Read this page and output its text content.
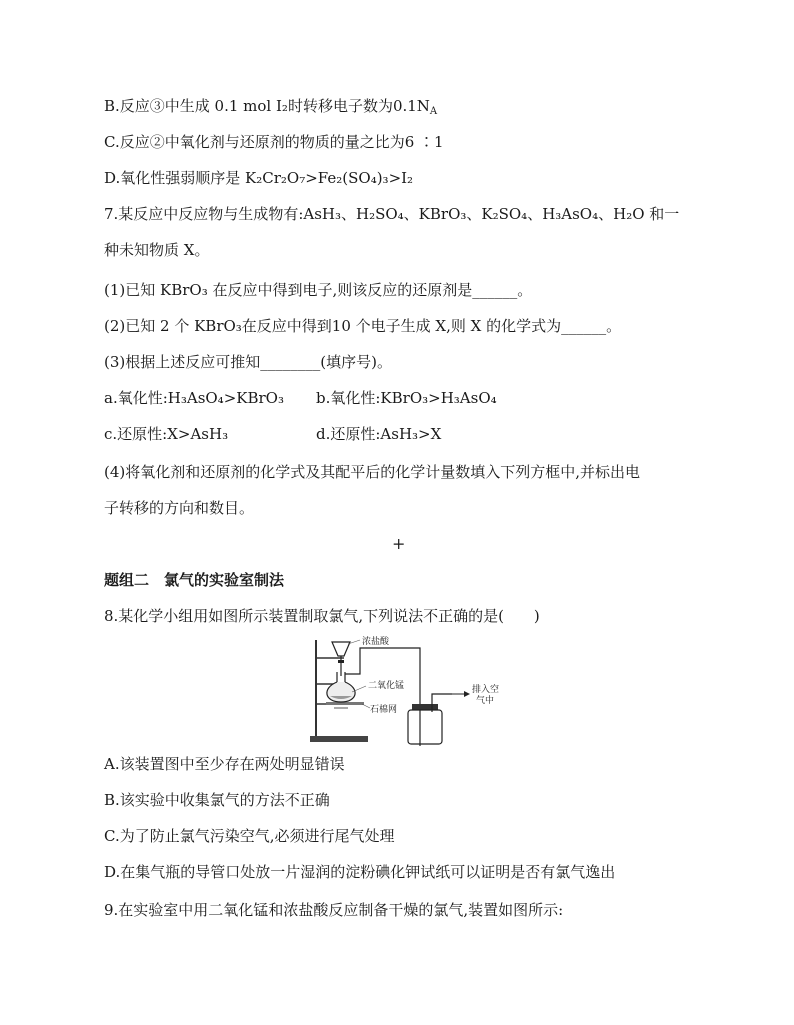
B.反应③中生成 0.1 mol I₂时转移电子数为$0.1N_A$
C.反应②中氧化剂与还原剂的物质的量之比为6 ∶1
D.氧化性强弱顺序是 K₂Cr₂O₇>Fe₂(SO₄)₃>I₂
7.某反应中反应物与生成物有:AsH₃、H₂SO₄、KBrO₃、K₂SO₄、H₃AsO₄、H₂O 和一
种未知物质 X。
(1)已知 KBrO₃ 在反应中得到电子,则该反应的还原剂是______。
(2)已知 2 个 KBrO₃在反应中得到10 个电子生成 X,则 X 的化学式为______。
(3)根据上述反应可推知________(填序号)。
a.氧化性:H₃AsO₄>KBrO₃ b.氧化性:KBrO₃>H₃AsO₄
c.还原性:X>AsH₃	d.还原性:AsH₃>X
(4)将氧化剂和还原剂的化学式及其配平后的化学计量数填入下列方框中,并标出电
子转移的方向和数目。
+
题组二　氯气的实验室制法
8.某化学小组用如图所示装置制取氯气,下列说法不正确的是(　　)
浓盐酸
二氧化锰
石棉网
排入空
气中
A.该装置图中至少存在两处明显错误
B.该实验中收集氯气的方法不正确
C.为了防止氯气污染空气,必须进行尾气处理
D.在集气瓶的导管口处放一片湿润的淀粉碘化钾试纸可以证明是否有氯气逸出
9.在实验室中用二氧化锰和浓盐酸反应制备干燥的氯气,装置如图所示:
